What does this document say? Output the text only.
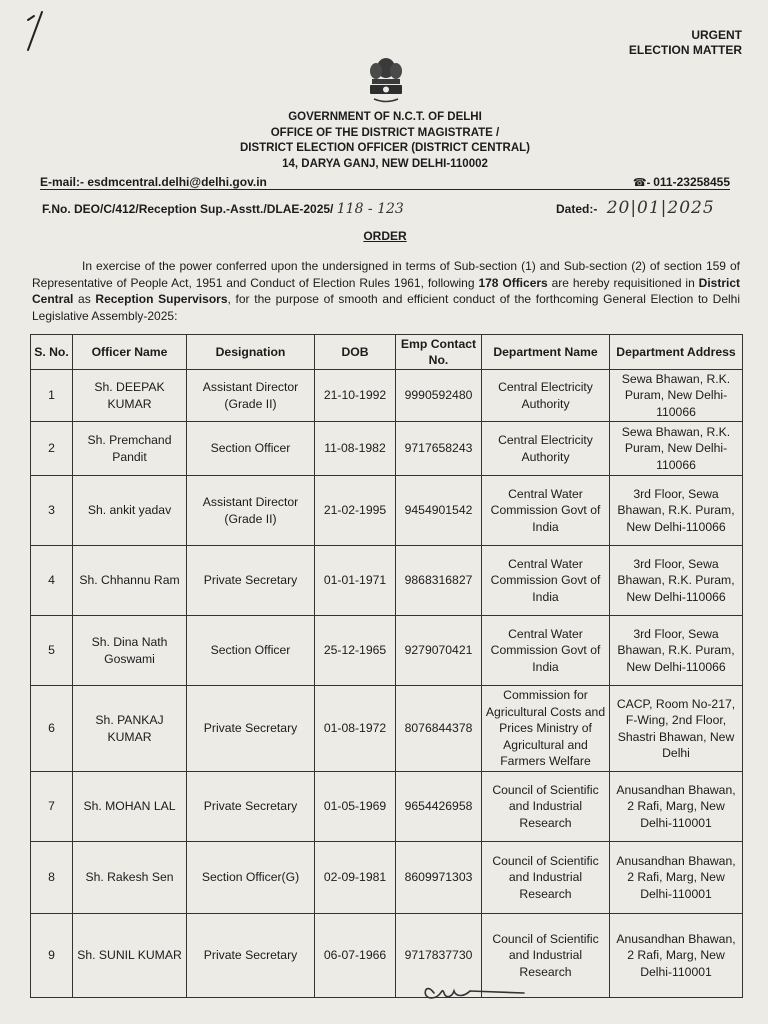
URGENT
ELECTION MATTER
GOVERNMENT OF N.C.T. OF DELHI
OFFICE OF THE DISTRICT MAGISTRATE /
DISTRICT ELECTION OFFICER (DISTRICT CENTRAL)
14, DARYA GANJ, NEW DELHI-110002
E-mail:- esdmcentral.delhi@delhi.gov.in	☎- 011-23258455
F.No. DEO/C/412/Reception Sup.-Asstt./DLAE-2025/ 118 - 123	Dated:- 20|01|2025
ORDER
In exercise of the power conferred upon the undersigned in terms of Sub-section (1) and Sub-section (2) of section 159 of Representative of People Act, 1951 and Conduct of Election Rules 1961, following 178 Officers are hereby requisitioned in District Central as Reception Supervisors, for the purpose of smooth and efficient conduct of the forthcoming General Election to Delhi Legislative Assembly-2025:
S. No.	Officer Name	Designation	DOB	Emp Contact No.	Department Name	Department Address
1	Sh. DEEPAK KUMAR	Assistant Director (Grade II)	21-10-1992	9990592480	Central Electricity Authority	Sewa Bhawan, R.K. Puram, New Delhi-110066
2	Sh. Premchand Pandit	Section Officer	11-08-1982	9717658243	Central Electricity Authority	Sewa Bhawan, R.K. Puram, New Delhi-110066
3	Sh. ankit yadav	Assistant Director (Grade II)	21-02-1995	9454901542	Central Water Commission Govt of India	3rd Floor, Sewa Bhawan, R.K. Puram, New Delhi-110066
4	Sh. Chhannu Ram	Private Secretary	01-01-1971	9868316827	Central Water Commission Govt of India	3rd Floor, Sewa Bhawan, R.K. Puram, New Delhi-110066
5	Sh. Dina Nath Goswami	Section Officer	25-12-1965	9279070421	Central Water Commission Govt of India	3rd Floor, Sewa Bhawan, R.K. Puram, New Delhi-110066
6	Sh. PANKAJ KUMAR	Private Secretary	01-08-1972	8076844378	Commission for Agricultural Costs and Prices Ministry of Agricultural and Farmers Welfare	CACP, Room No-217, F-Wing, 2nd Floor, Shastri Bhawan, New Delhi
7	Sh. MOHAN LAL	Private Secretary	01-05-1969	9654426958	Council of Scientific and Industrial Research	Anusandhan Bhawan, 2 Rafi, Marg, New Delhi-110001
8	Sh. Rakesh Sen	Section Officer(G)	02-09-1981	8609971303	Council of Scientific and Industrial Research	Anusandhan Bhawan, 2 Rafi, Marg, New Delhi-110001
9	Sh. SUNIL KUMAR	Private Secretary	06-07-1966	9717837730	Council of Scientific and Industrial Research	Anusandhan Bhawan, 2 Rafi, Marg, New Delhi-110001
